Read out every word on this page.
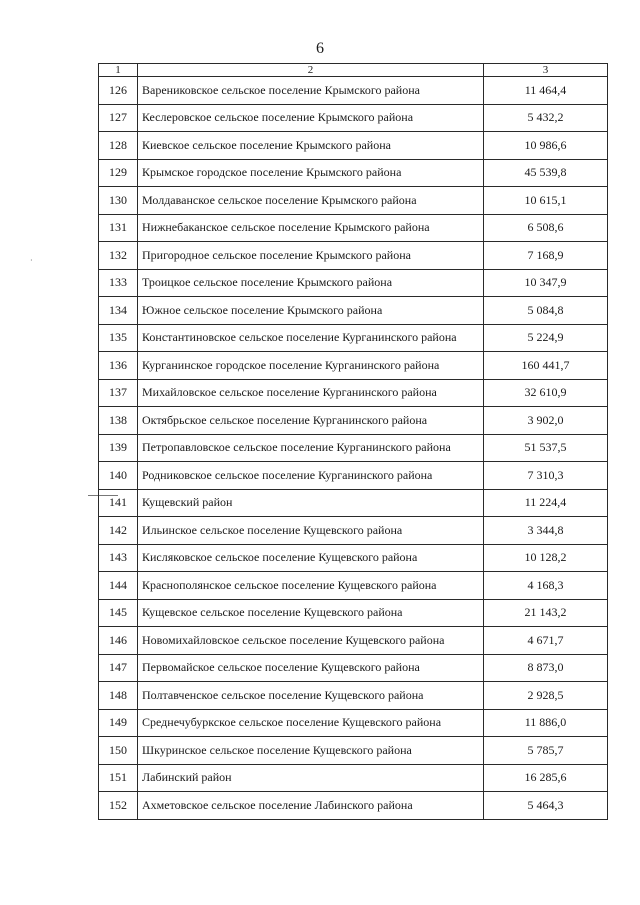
6
·
1	2	3
126	Варениковское сельское поселение Крымского района	11 464,4
127	Кеслеровское сельское поселение Крымского района	5 432,2
128	Киевское сельское поселение Крымского района	10 986,6
129	Крымское городское поселение Крымского района	45 539,8
130	Молдаванское сельское поселение Крымского района	10 615,1
131	Нижнебаканское сельское поселение Крымского района	6 508,6
132	Пригородное сельское поселение Крымского района	7 168,9
133	Троицкое сельское поселение Крымского района	10 347,9
134	Южное сельское поселение Крымского района	5 084,8
135	Константиновское сельское поселение Курганинского района	5 224,9
136	Курганинское городское поселение Курганинского района	160 441,7
137	Михайловское сельское поселение Курганинского района	32 610,9
138	Октябрьское сельское поселение Курганинского района	3 902,0
139	Петропавловское сельское поселение Курганинского района	51 537,5
140	Родниковское сельское поселение Курганинского района	7 310,3
141	Кущевский район	11 224,4
142	Ильинское сельское поселение Кущевского района	3 344,8
143	Кисляковское сельское поселение Кущевского района	10 128,2
144	Краснополянское сельское поселение Кущевского района	4 168,3
145	Кущевское сельское поселение Кущевского района	21 143,2
146	Новомихайловское сельское поселение Кущевского района	4 671,7
147	Первомайское сельское поселение Кущевского района	8 873,0
148	Полтавченское сельское поселение Кущевского района	2 928,5
149	Среднечубуркское сельское поселение Кущевского района	11 886,0
150	Шкуринское сельское поселение Кущевского района	5 785,7
151	Лабинский район	16 285,6
152	Ахметовское сельское поселение Лабинского района	5 464,3
